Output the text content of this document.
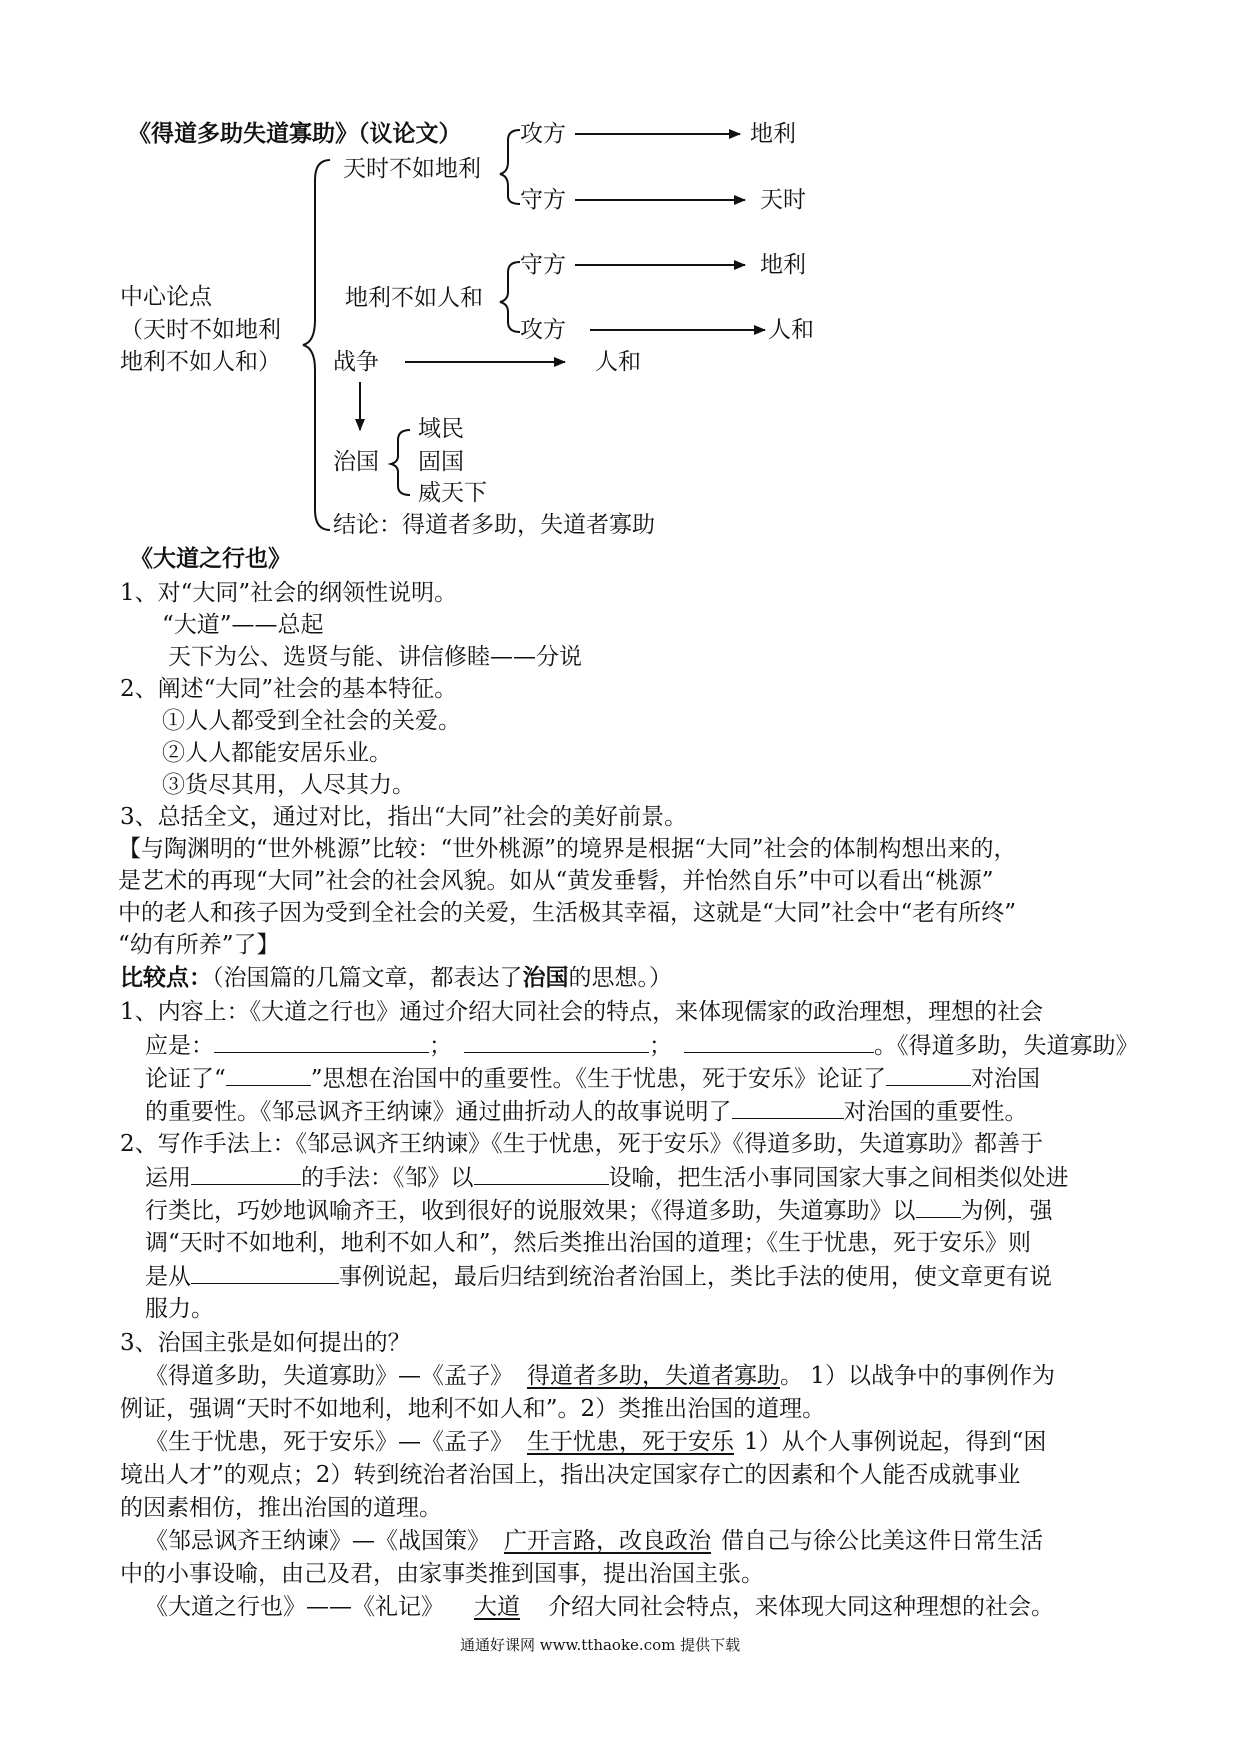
《得道多助失道寡助》（议论文）
天时不如地利
攻方	地利
守方	天时
守方	地利
地利不如人和
攻方	人和
中心论点
（天时不如地利
地利不如人和） 战争	人和
治国
域民
固国
威天下
结论：得道者多助，失道者寡助
《大道之行也》
1、对“大同”社会的纲领性说明。
“大道”——总起
天下为公、选贤与能、讲信修睦——分说
2、阐述“大同”社会的基本特征。
①人人都受到全社会的关爱。
②人人都能安居乐业。
③货尽其用，人尽其力。
3、总括全文，通过对比，指出“大同”社会的美好前景。
【与陶渊明的“世外桃源”比较：“世外桃源”的境界是根据“大同”社会的体制构想出来的，
是艺术的再现“大同”社会的社会风貌。如从“黄发垂髫，并怡然自乐”中可以看出“桃源”
中的老人和孩子因为受到全社会的关爱，生活极其幸福，这就是“大同”社会中“老有所终”
“幼有所养”了】
比较点：（治国篇的几篇文章，都表达了治国的思想。）
1、内容上：《大道之行也》通过介绍大同社会的特点，来体现儒家的政治理想，理想的社会
应是：	；	；	。《得道多助，失道寡助》
论证了“	”思想在治国中的重要性。《生于忧患，死于安乐》论证了	对治国
的重要性。《邹忌讽齐王纳谏》通过曲折动人的故事说明了	对治国的重要性。
2、写作手法上：《邹忌讽齐王纳谏》《生于忧患，死于安乐》《得道多助，失道寡助》都善于
运用	的手法：《邹》以	设喻，把生活小事同国家大事之间相类似处进
行类比，巧妙地讽喻齐王，收到很好的说服效果；《得道多助，失道寡助》以 为例，强
调“天时不如地利，地利不如人和”，然后类推出治国的道理；《生于忧患，死于安乐》则
是从	事例说起，最后归结到统治者治国上，类比手法的使用，使文章更有说
服力。
3、治国主张是如何提出的？
《得道多助，失道寡助》—《孟子》 得道者多助，失道者寡助。 1）以战争中的事例作为
例证，强调“天时不如地利，地利不如人和”。2）类推出治国的道理。
《生于忧患，死于安乐》—《孟子》 生于忧患，死于安乐 1）从个人事例说起，得到“困
境出人才”的观点；2）转到统治者治国上，指出决定国家存亡的因素和个人能否成就事业
的因素相仿，推出治国的道理。
《邹忌讽齐王纳谏》—《战国策》 广开言路，改良政治 借自己与徐公比美这件日常生活
中的小事设喻，由己及君，由家事类推到国事，提出治国主张。
《大道之行也》——《礼记》 大道 介绍大同社会特点，来体现大同这种理想的社会。
通通好课网 www.tthaoke.com 提供下载
